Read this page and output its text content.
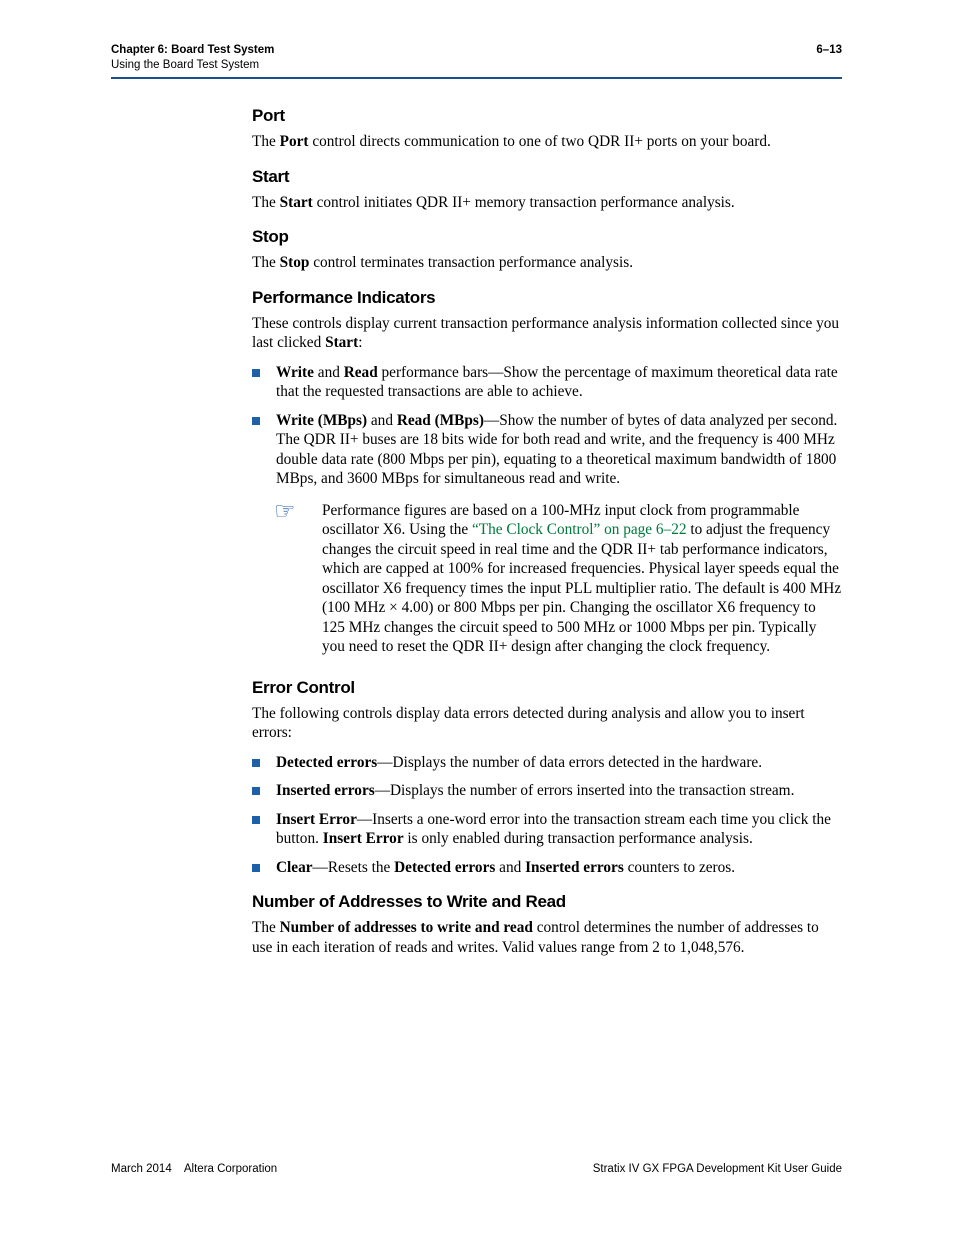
Chapter 6: Board Test System
Using the Board Test System
6–13
Port

The Port control directs communication to one of two QDR II+ ports on your board.

Start

The Start control initiates QDR II+ memory transaction performance analysis.

Stop

The Stop control terminates transaction performance analysis.

Performance Indicators

These controls display current transaction performance analysis information collected since you last clicked Start:

Write and Read performance bars—Show the percentage of maximum theoretical data rate that the requested transactions are able to achieve.
Write (MBps) and Read (MBps)—Show the number of bytes of data analyzed per second. The QDR II+ buses are 18 bits wide for both read and write, and the frequency is 400 MHz double data rate (800 Mbps per pin), equating to a theoretical maximum bandwidth of 1800 MBps, and 3600 MBps for simultaneous read and write.
☞ Performance figures are based on a 100-MHz input clock from programmable oscillator X6. Using the “The Clock Control” on page 6–22 to adjust the frequency changes the circuit speed in real time and the QDR II+ tab performance indicators, which are capped at 100% for increased frequencies. Physical layer speeds equal the oscillator X6 frequency times the input PLL multiplier ratio. The default is 400 MHz (100 MHz × 4.00) or 800 Mbps per pin. Changing the oscillator X6 frequency to 125 MHz changes the circuit speed to 500 MHz or 1000 Mbps per pin. Typically you need to reset the QDR II+ design after changing the clock frequency.

Error Control

The following controls display data errors detected during analysis and allow you to insert errors:

Detected errors—Displays the number of data errors detected in the hardware.
Inserted errors—Displays the number of errors inserted into the transaction stream.
Insert Error—Inserts a one-word error into the transaction stream each time you click the button. Insert Error is only enabled during transaction performance analysis.
Clear—Resets the Detected errors and Inserted errors counters to zeros.
Number of Addresses to Write and Read

The Number of addresses to write and read control determines the number of addresses to use in each iteration of reads and writes. Valid values range from 2 to 1,048,576.

March 2014    Altera Corporation	Stratix IV GX FPGA Development Kit User Guide
